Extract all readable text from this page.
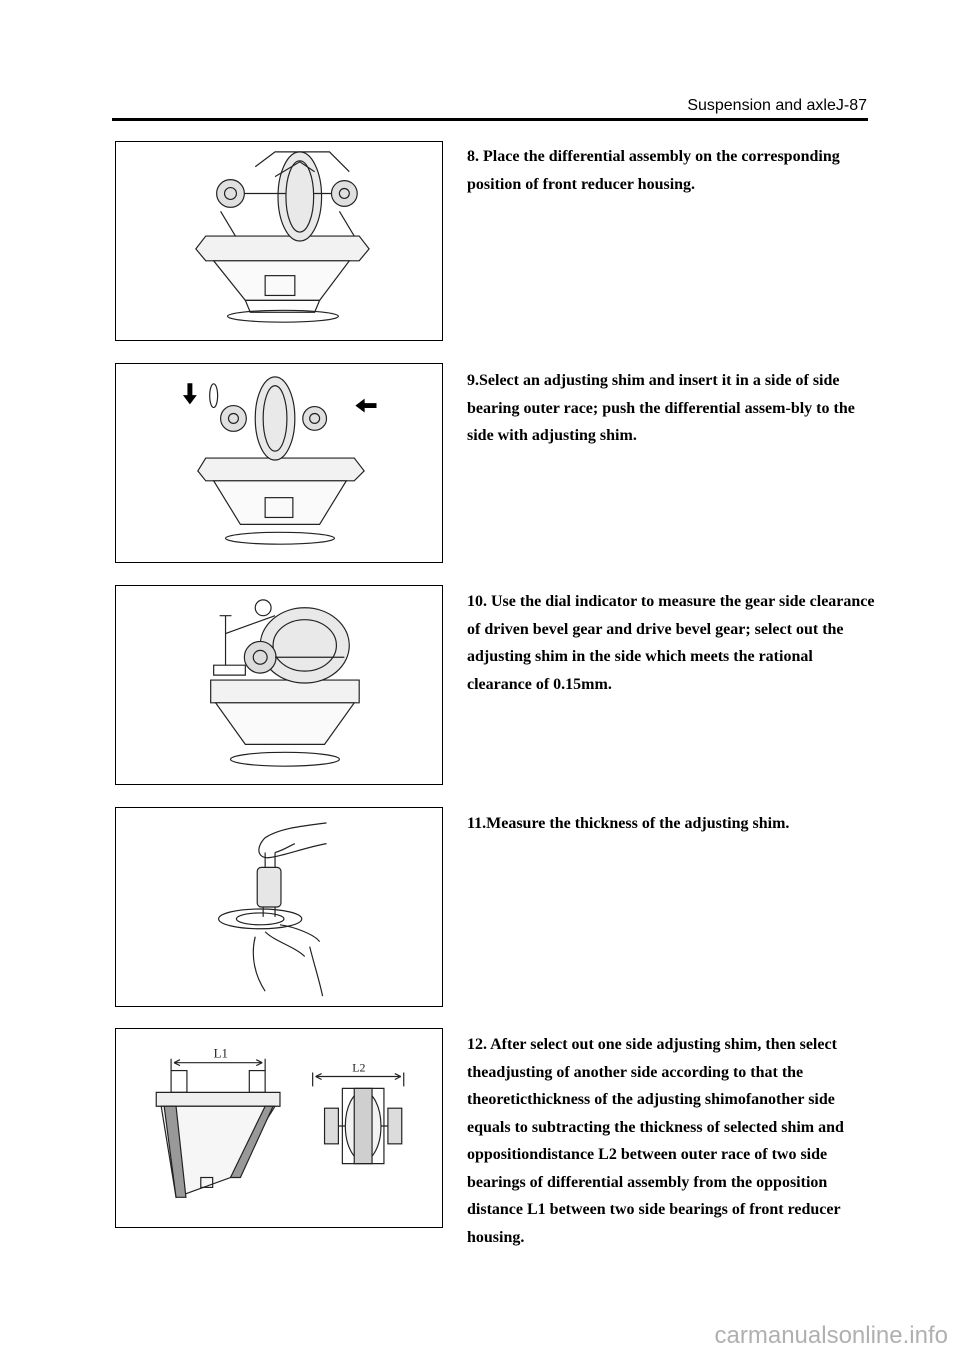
Suspension and axleJ-87
8. Place the differential assembly on the corresponding position of front reducer housing.
9.Select an adjusting shim and insert it in a side of side bearing outer race; push the differential assem-bly to the side with adjusting shim.
10. Use the dial indicator to measure the gear side clearance of driven bevel gear and drive bevel gear; select out the adjusting shim in the side which meets the rational clearance of 0.15mm.
11.Measure the thickness of the adjusting shim.
L1
L2
12. After select out one side adjusting shim, then select theadjusting of another side according to that the theoreticthickness of the adjusting shimofanother side equals to subtracting the thickness of selected shim and oppositiondistance L2 between outer race of two side bearings of differential assembly from the opposition distance L1 between two side bearings of front reducer housing.
carmanualsonline.info
